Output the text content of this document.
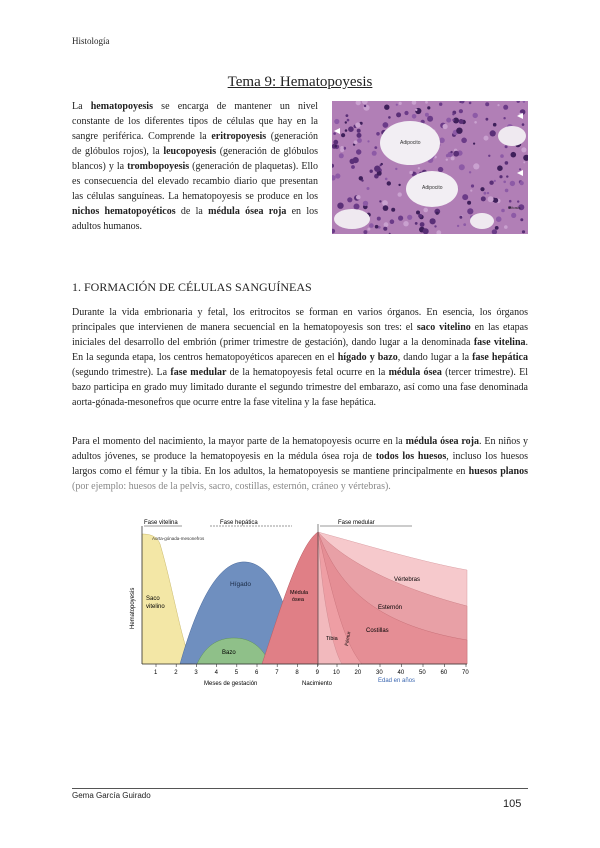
Histología
Tema 9: Hematopoyesis
La hematopoyesis se encarga de mantener un nivel constante de los diferentes tipos de células que hay en la sangre periférica. Comprende la eritropoyesis (generación de glóbulos rojos), la leucopoyesis (generación de glóbulos blancos) y la trombopoyesis (generación de plaquetas). Ello es consecuencia del elevado recambio diario que presentan las células sanguíneas. La hematopoyesis se produce en los nichos hematopoyéticos de la médula ósea roja en los adultos humanos.
Adipocito
Adipocito
Mitosis
1. FORMACIÓN DE CÉLULAS SANGUÍNEAS
Durante la vida embrionaria y fetal, los eritrocitos se forman en varios órganos. En esencia, los órganos principales que intervienen de manera secuencial en la hematopoyesis son tres: el saco vitelino en las etapas iniciales del desarrollo del embrión (primer trimestre de gestación), dando lugar a la denominada fase vitelina. En la segunda etapa, los centros hematopoyéticos aparecen en el hígado y bazo, dando lugar a la fase hepática (segundo trimestre). La fase medular de la hematopoyesis fetal ocurre en la médula ósea (tercer trimestre). El bazo participa en grado muy limitado durante el segundo trimestre del embarazo, así como una fase denominada aorta-gónada-mesonefros que ocurre entre la fase vitelina y la fase hepática.
Para el momento del nacimiento, la mayor parte de la hematopoyesis ocurre en la médula ósea roja. En niños y adultos jóvenes, se produce la hematopoyesis en la médula ósea roja de todos los huesos, incluso los huesos largos como el fémur y la tibia. En los adultos, la hematopoyesis se mantiene principalmente en huesos planos (por ejemplo: huesos de la pelvis, sacro, costillas, esternón, cráneo y vértebras).
Fase vitelina	Fase hepática	Fase medular
Aorta-gónada-mesonefros
Saco vitelino
Hígado
Bazo
Médula ósea
Tibia Fémur
Costillas
Esternón
Vértebras
Hematopoyesis
1	2	3	4	5	6	7	8	9 10 20 30 40 50 60 70
Meses de gestación	Nacimiento	Edad en años
Gema García Guirado
105
